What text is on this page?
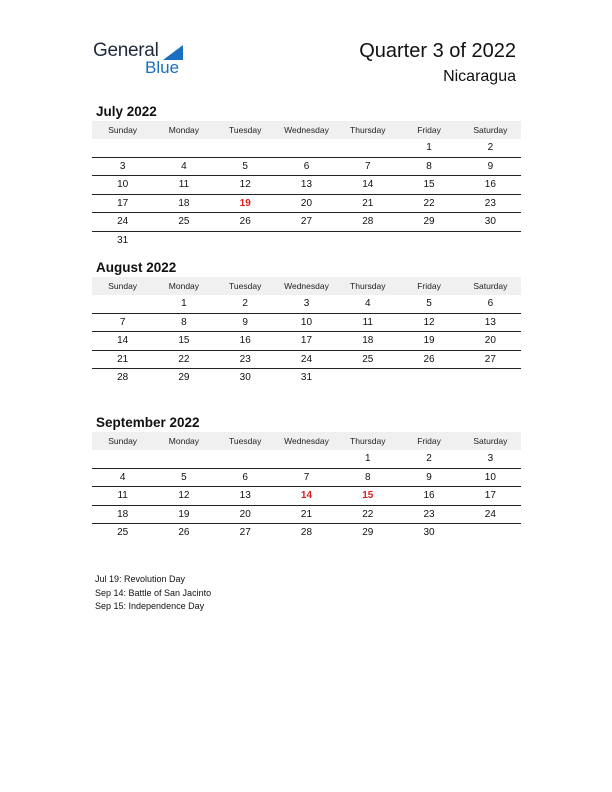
General
Blue
Quarter 3 of 2022
Nicaragua
July 2022
Sunday	Monday	Tuesday	Wednesday	Thursday	Friday	Saturday
					1	2
3	4	5	6	7	8	9
10	11	12	13	14	15	16
17	18	19	20	21	22	23
24	25	26	27	28	29	30
31						
August 2022
Sunday	Monday	Tuesday	Wednesday	Thursday	Friday	Saturday
	1	2	3	4	5	6
7	8	9	10	11	12	13
14	15	16	17	18	19	20
21	22	23	24	25	26	27
28	29	30	31			
September 2022
Sunday	Monday	Tuesday	Wednesday	Thursday	Friday	Saturday
				1	2	3
4	5	6	7	8	9	10
11	12	13	14	15	16	17
18	19	20	21	22	23	24
25	26	27	28	29	30	
Jul 19: Revolution Day
Sep 14: Battle of San Jacinto
Sep 15: Independence Day
